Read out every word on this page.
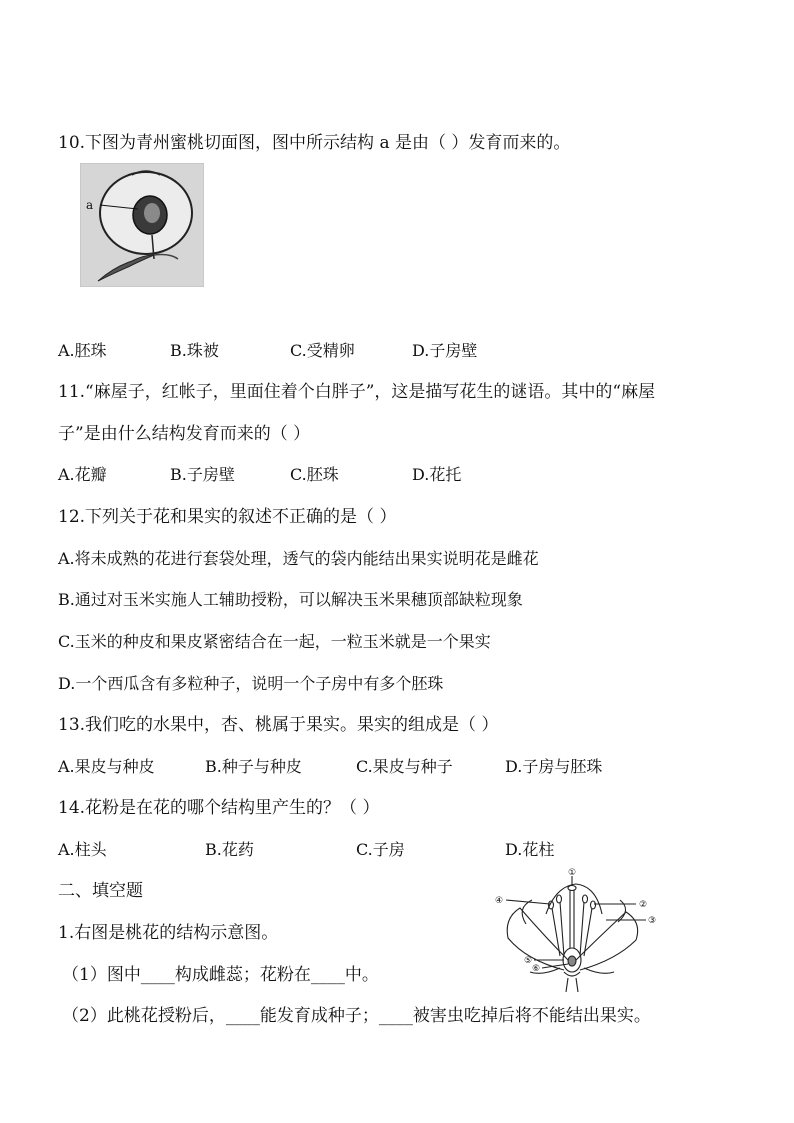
10.下图为青州蜜桃切面图，图中所示结构 a 是由（ ）发育而来的。
a
A.胚珠	B.珠被	C.受精卵	D.子房壁
11.“麻屋子，红帐子，里面住着个白胖子”，这是描写花生的谜语。其中的“麻屋
子”是由什么结构发育而来的（ ）
A.花瓣	B.子房壁	C.胚珠	D.花托
12.下列关于花和果实的叙述不正确的是（ ）
A.将未成熟的花进行套袋处理，透气的袋内能结出果实说明花是雌花
B.通过对玉米实施人工辅助授粉，可以解决玉米果穗顶部缺粒现象
C.玉米的种皮和果皮紧密结合在一起，一粒玉米就是一个果实
D.一个西瓜含有多粒种子，说明一个子房中有多个胚珠
13.我们吃的水果中，杏、桃属于果实。果实的组成是（ ）
A.果皮与种皮	B.种子与种皮	C.果皮与种子	D.子房与胚珠
14.花粉是在花的哪个结构里产生的？（ ）
A.柱头	B.花药	C.子房	D.花柱
二、填空题
1.右图是桃花的结构示意图。
（1）图中____构成雌蕊；花粉在____中。
（2）此桃花授粉后，____能发育成种子；____被害虫吃掉后将不能结出果实。
①
②
③
④
⑤
⑥
